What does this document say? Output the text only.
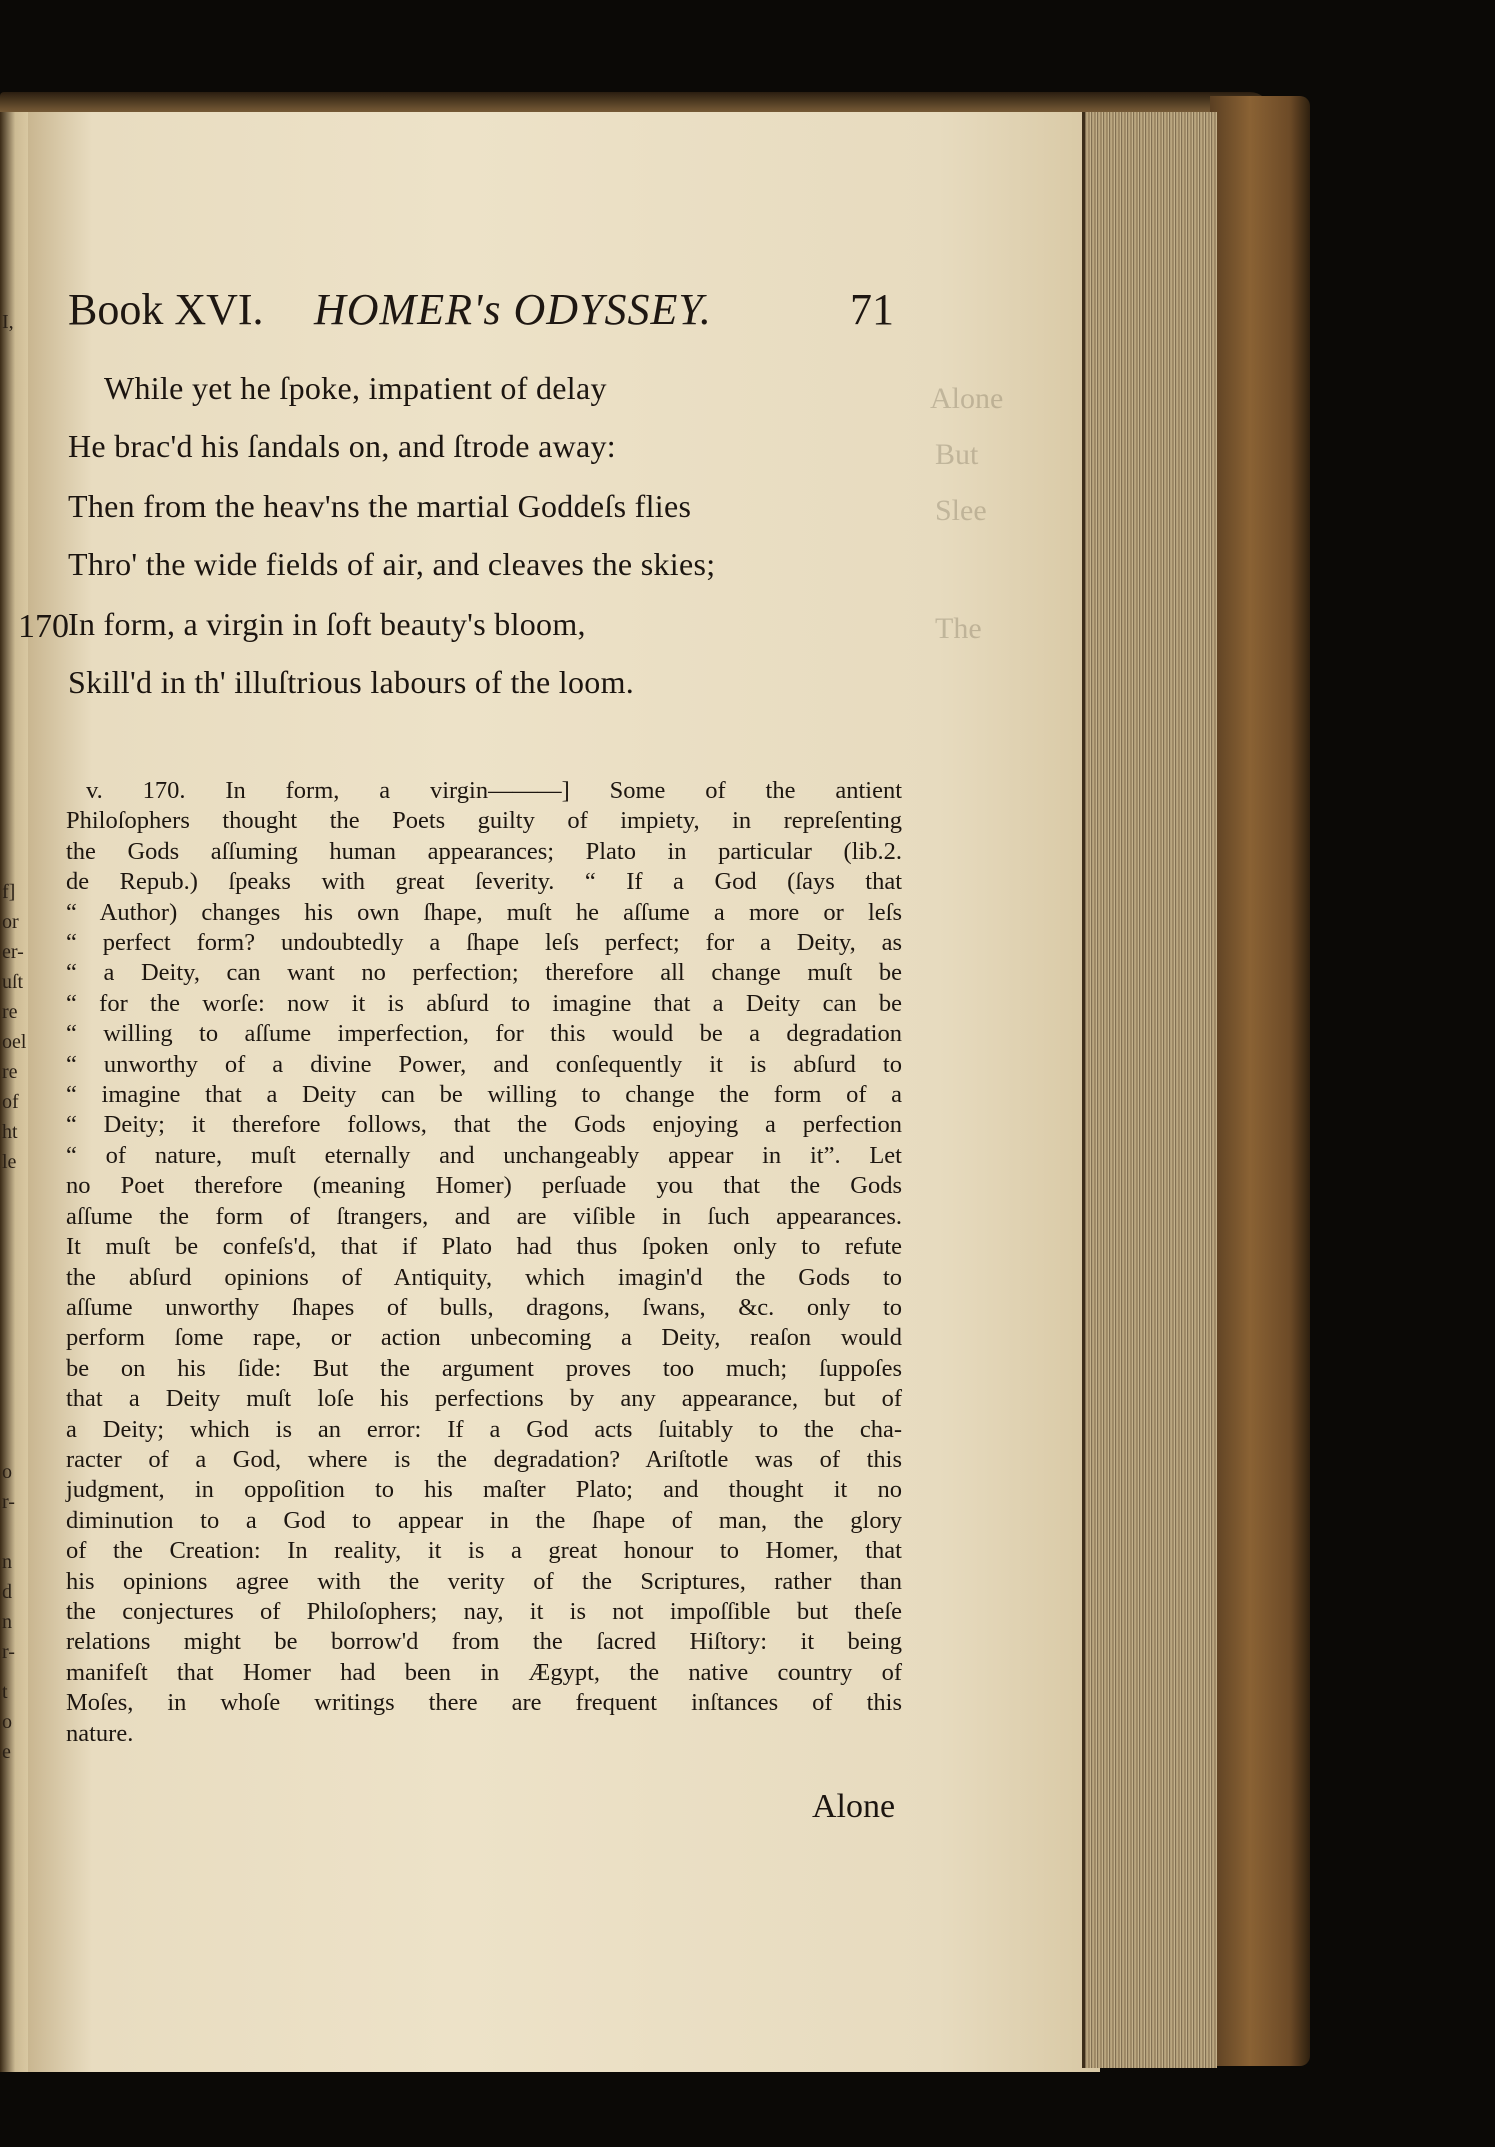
I,
f]
or
er-
uſt
re
oel
re
of
ht
le
o
r-
n
d
n
r-
t
o
e
Alone
But
Slee
The
Book XVI. HOMER's ODYSSEY.	71
While yet he ſpoke, impatient of delay
He brac'd his ſandals on, and ſtrode away:
Then from the heav'ns the martial Goddeſs flies
Thro' the wide fields of air, and cleaves the skies;
In form, a virgin in ſoft beauty's bloom,
Skill'd in th' illuſtrious labours of the loom.
170
v. 170. In form, a virgin———] Some of the antient
Philoſophers thought the Poets guilty of impiety, in repreſenting
the Gods aſſuming human appearances; Plato in particular (lib.2.
de Repub.) ſpeaks with great ſeverity. “ If a God (ſays that
“ Author) changes his own ſhape, muſt he aſſume a more or leſs
“ perfect form? undoubtedly a ſhape leſs perfect; for a Deity, as
“ a Deity, can want no perfection; therefore all change muſt be
“ for the worſe: now it is abſurd to imagine that a Deity can be
“ willing to aſſume imperfection, for this would be a degradation
“ unworthy of a divine Power, and conſequently it is abſurd to
“ imagine that a Deity can be willing to change the form of a
“ Deity; it therefore follows, that the Gods enjoying a perfection
“ of nature, muſt eternally and unchangeably appear in it”. Let
no Poet therefore (meaning Homer) perſuade you that the Gods
aſſume the form of ſtrangers, and are viſible in ſuch appearances.
It muſt be confeſs'd, that if Plato had thus ſpoken only to refute
the abſurd opinions of Antiquity, which imagin'd the Gods to
aſſume unworthy ſhapes of bulls, dragons, ſwans, &c. only to
perform ſome rape, or action unbecoming a Deity, reaſon would
be on his ſide: But the argument proves too much; ſuppoſes
that a Deity muſt loſe his perfections by any appearance, but of
a Deity; which is an error: If a God acts ſuitably to the cha-
racter of a God, where is the degradation? Ariſtotle was of this
judgment, in oppoſition to his maſter Plato; and thought it no
diminution to a God to appear in the ſhape of man, the glory
of the Creation: In reality, it is a great honour to Homer, that
his opinions agree with the verity of the Scriptures, rather than
the conjectures of Philoſophers; nay, it is not impoſſible but theſe
relations might be borrow'd from the ſacred Hiſtory: it being
manifeſt that Homer had been in Ægypt, the native country of
Moſes, in whoſe writings there are frequent inſtances of this
nature.
Alone
